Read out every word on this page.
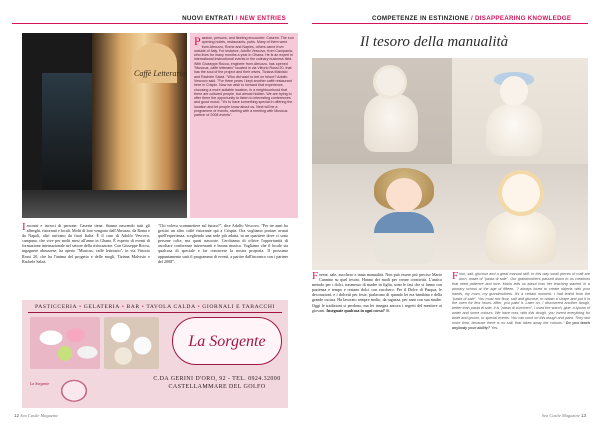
NUOVI ENTRATI / NEW ENTRIES
Caffè Letterario

Passion, persons, and fleeting encounter: Caserin. The sun opening hotels, restaurants, pubs. Many of them were from Abruzzo, Rome and Naples, others came from outside of Italy. For instance, Adolfo Vescovo, from Campania, who lives for many months a year in Ghana. He is an expert in international instructional events in the culinary business field. With Giuseppe Rocca, engineer from Abruzzo, has opened "Musicus, caffè letterario" located in via Vittorio Rossi 20, that has the soul of the project and their wives, Tiziana Malvisio and Rachele Salzà. "Who did want to bet on future? Adolfo Vescovo said. "For three years I kept another caffè restaurant here in Crispin. Now we wish to forward that experience, choosing a more suitable location, in a neighbourhood that there are cultured people, but almost hidden. We are trying to offer there the opportunity to listen to interesting conferences and good music. "It's to have something special in offering the location and let people know about us. Next will be a programme of events, starting with a meeting with Musicus partner of 2008 events".

Incontri e incroci di persone: Caserin tiene. Stanno nascendo tutti gli alberghi, ristoranti e locali. Molti di loro vengono dall'Abruzzo, da Roma e da Napoli, altri arrivano da fuori Italia. È il caso di Adolfo Vescovo, campano, che vive per molti mesi all'anno in Ghana. È esperto di eventi di formazione internazionale nel settore della ristorazione. Con Giuseppe Rocca, ingegnere abruzzese, ha aperto "Musicus, caffè letterario", in via Vittorio Rossi 20, che ha l'anima del progetto e delle mogli, Tiziana Malvisio e Rachele Salzà.
"Chi voleva scommettere sul futuro?", dice Adolfo Vescovo. "Per tre anni ho gestito un altro caffè ristorante qui a Crispin. Ora vogliamo portare avanti quell'esperienza, scegliendo una sede più adatta, in un quartiere dove ci sono persone colte, ma quasi nascoste. Cerchiamo di offrire l'opportunità di ascoltare conferenze interessanti e buona musica. Vogliamo che il locale sia qualcosa di speciale e far conoscere la nostra proposta. Il prossimo appuntamento sarà il programma di eventi, a partire dall'incontro con i partner del 2008".
PASTICCERIA • GELATERIA • BAR • TAVOLA CALDA • GIORNALI E TABACCHI
La Sorgente
La Sorgente
C.DA GERINI D'ORO, 92 - TEL. 0924.32000
CASTELLAMMARE DEL GOLFO
12 Sea Castle Magazine
COMPETENZE IN ESTINZIONE / DISAPPEARING KNOWLEDGE
Il tesoro della manualità
Forme, sale, zucchero e tanta manualità. Non può essere più preciso Mario Cannino su quel tesoro. Hanno dei modi per creare creatività. L'antico metodo per i dolci, trasmesso di madre in figlia, sono le fasi che si fanno con pazienza e tempo e restano dolci con zucchero. Per il Dolce di Pasqua, le decorazioni, e i dolcetti per feste, parlavano di quando lei era bambina e della grande cucina. Ha lavorato sempre molto, da ragazza, per anni con sua madre. Oggi le tradizioni si perdono, ma lei insegna ancora i segreti del mestiere ai giovani. Insegnate qualcosa in ogni corso? Sì.
Flour, salt, glucose and a great manual skill. In this way small pieces of craft are born, made of "pasta di sale". Our grandmothers passed down to us creations that need patience and love. Mario tells us about how her teaching started, in a primary school at the age of fifteen. "I always loved to create objects with your hands, my mum, my grandmothers. It's a certain moment. I had learnt from the "pasta di sale". You must mix flour, salt and glucose, to obtain a shape and put it in the oven for few hours. After, you paint it. Later on, I discovered another dough, better than pasta di sale, it is "pasta di zucchero". I used the starch, glue, a spoon of water and some colours. We have now, with this dough, you invent everything for bride and groom, or special events. You can work on this dough and paint. They last more time, because there is no salt, that takes away the colours." Do you teach anybody your ability? Yes.
Sea Castle Magazine 13
